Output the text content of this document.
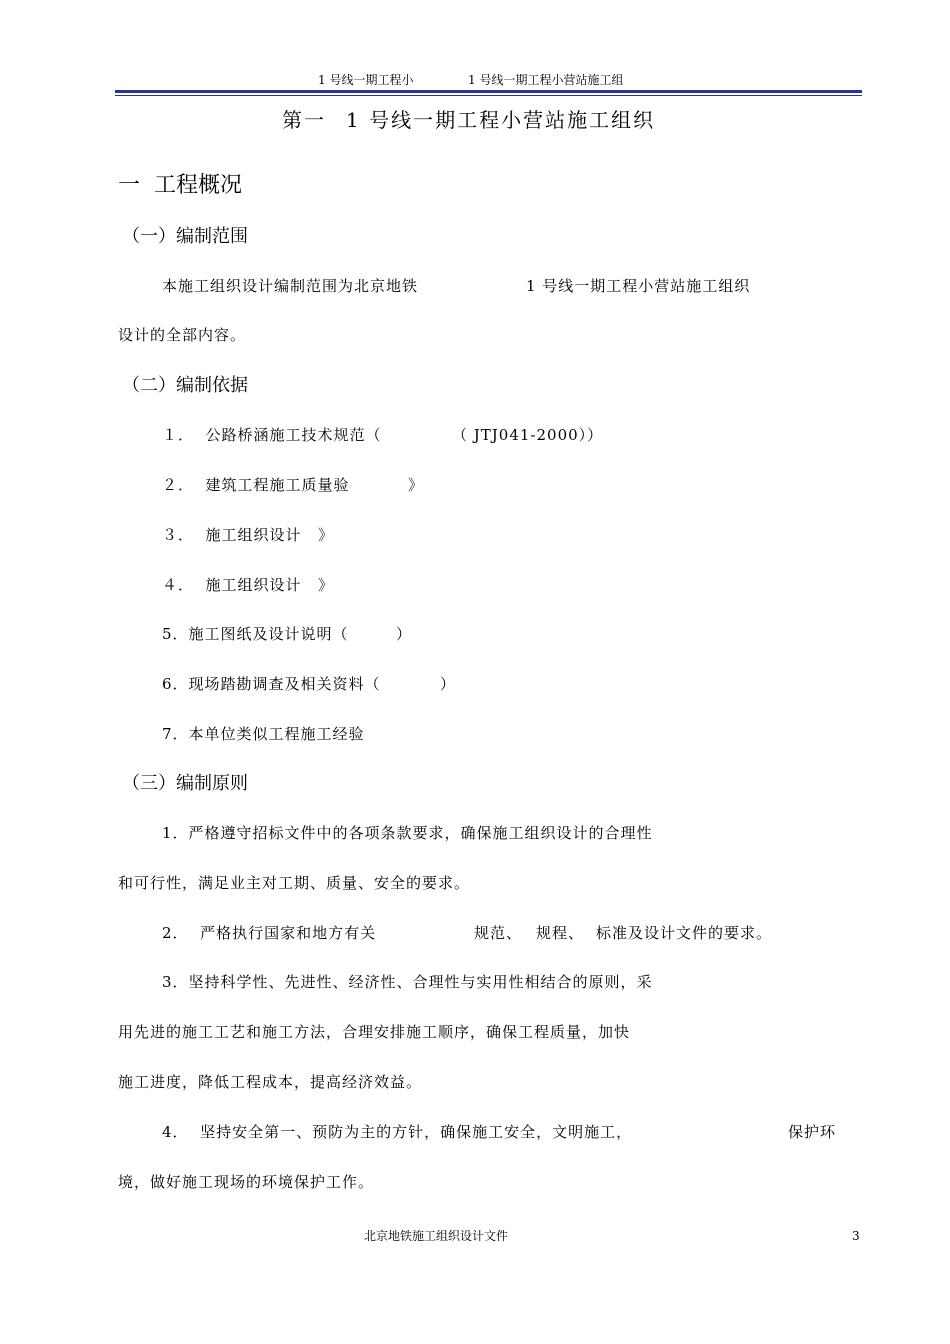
1 号线一期工程小	1 号线一期工程小营站施工组
第一 1 号线一期工程小营站施工组织
一  工程概况
（一）编制范围
本施工组织设计编制范围为北京地铁	1 号线一期工程小营站施工组织
设计的全部内容。
（二）编制依据
１．  公路桥涵施工技术规范（	（ JTJ041-2000））
２．  建筑工程施工质量验	》
３．  施工组织设计 》
４．  施工组织设计 》
5．施工图纸及设计说明（	）
6．现场踏勘调查及相关资料（	）
7．本单位类似工程施工经验
（三）编制原则
1．严格遵守招标文件中的各项条款要求，确保施工组织设计的合理性
和可行性，满足业主对工期、质量、安全的要求。
2．  严格执行国家和地方有关	规范、 规程、 标准及设计文件的要求。
3．坚持科学性、先进性、经济性、合理性与实用性相结合的原则，采
用先进的施工工艺和施工方法，合理安排施工顺序，确保工程质量，加快
施工进度，降低工程成本，提高经济效益。
4．  坚持安全第一、预防为主的方针，确保施工安全，文明施工，	保护环
境，做好施工现场的环境保护工作。
北京地铁施工组织设计文件	3
